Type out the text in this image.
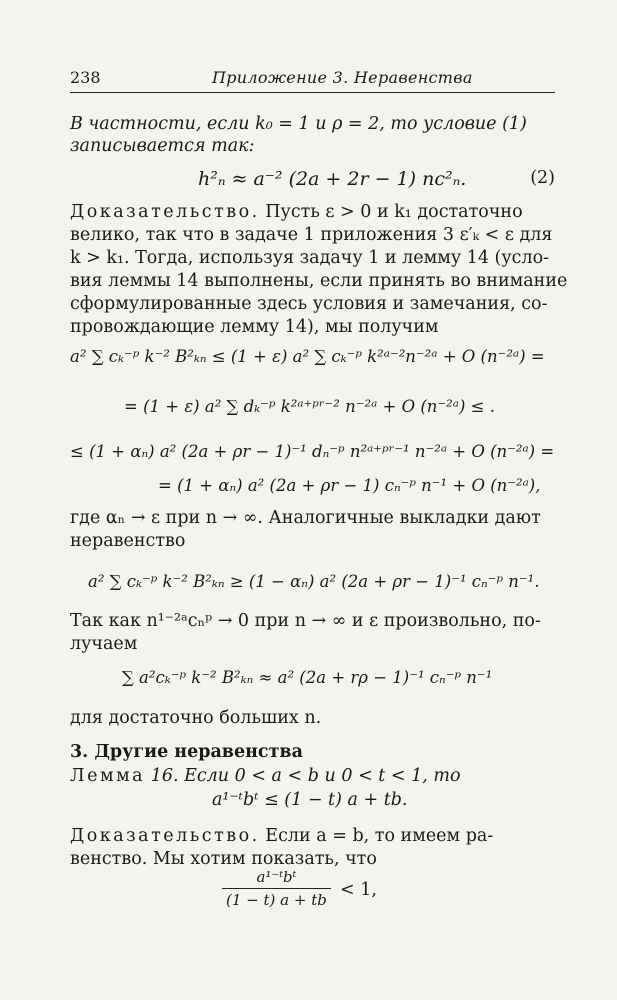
238	Приложение 3. Неравенства
В частности, если k₀ = 1 и ρ = 2, то условие (1)
записывается так:
h²ₙ ≈ a⁻² (2a + 2r − 1) nc²ₙ.	(2)
Доказательство. Пусть ε > 0 и k₁ достаточно
велико, так что в задаче 1 приложения 3 ε′ₖ < ε для
k > k₁. Тогда, используя задачу 1 и лемму 14 (усло-
вия леммы 14 выполнены, если принять во внимание
сформулированные здесь условия и замечания, со-
провождающие лемму 14), мы получим
a² ∑ cₖ⁻ᵖ k⁻² B²ₖₙ ≤ (1 + ε) a² ∑ cₖ⁻ᵖ k²ᵃ⁻²n⁻²ᵃ + O (n⁻²ᵃ) =
= (1 + ε) a² ∑ dₖ⁻ᵖ k²ᵃ⁺ᵖʳ⁻² n⁻²ᵃ + O (n⁻²ᵃ) ≤ .
≤ (1 + αₙ) a² (2a + ρr − 1)⁻¹ dₙ⁻ᵖ n²ᵃ⁺ᵖʳ⁻¹ n⁻²ᵃ + O (n⁻²ᵃ) =
= (1 + αₙ) a² (2a + ρr − 1) cₙ⁻ᵖ n⁻¹ + O (n⁻²ᵃ),
где αₙ → ε при n → ∞. Аналогичные выкладки дают
неравенство
a² ∑ cₖ⁻ᵖ k⁻² B²ₖₙ ≥ (1 − αₙ) a² (2a + ρr − 1)⁻¹ cₙ⁻ᵖ n⁻¹.
Так как n¹⁻²ᵃcₙᵖ → 0 при n → ∞ и ε произвольно, по-
лучаем
∑ a²cₖ⁻ᵖ k⁻² B²ₖₙ ≈ a² (2a + rρ − 1)⁻¹ cₙ⁻ᵖ n⁻¹
для достаточно больших n.
3. Другие неравенства
Лемма 16. Если 0 < a < b и 0 < t < 1, то
a¹⁻ᵗbᵗ ≤ (1 − t) a + tb.
Доказательство. Если a = b, то имеем ра-
венство. Мы хотим показать, что
a¹⁻ᵗbᵗ
(1 − t) a + tb < 1,
